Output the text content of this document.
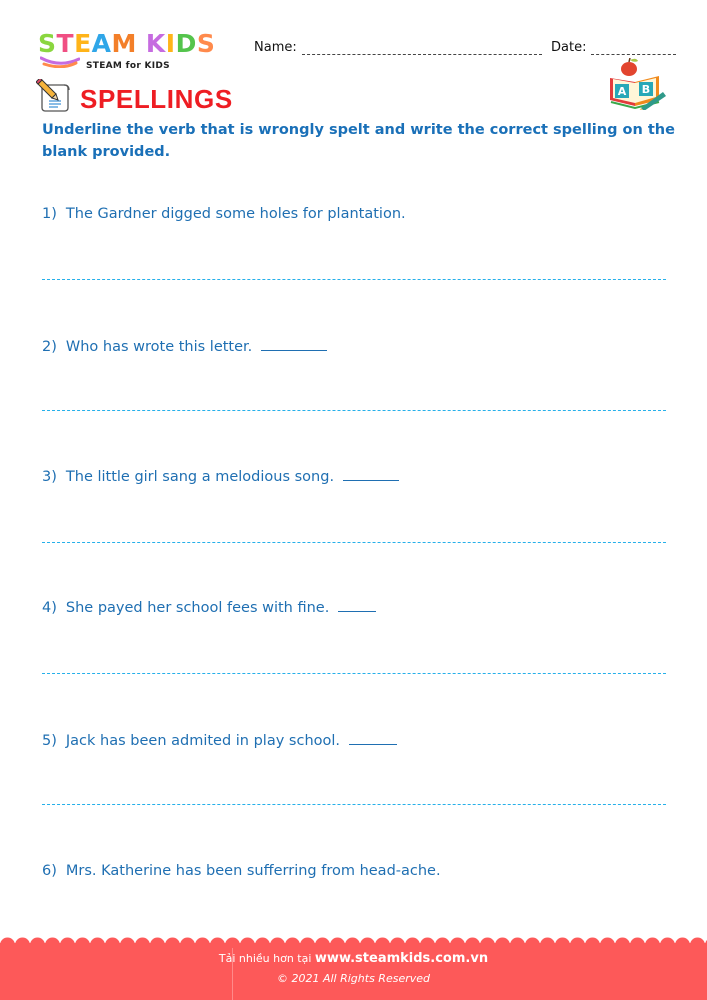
STEAM KIDS
STEAM for KIDS
Name:	Date:
A B
SPELLINGS
Underline the verb that is wrongly spelt and write the correct spelling on the blank provided.
1) The Gardner digged some holes for plantation.
2) Who has wrote this letter.
3) The little girl sang a melodious song.
4) She payed her school fees with fine.
5) Jack has been admited in play school.
6) Mrs. Katherine has been sufferring from head-ache.
Tải nhiều hơn tại www.steamkids.com.vn
© 2021 All Rights Reserved
